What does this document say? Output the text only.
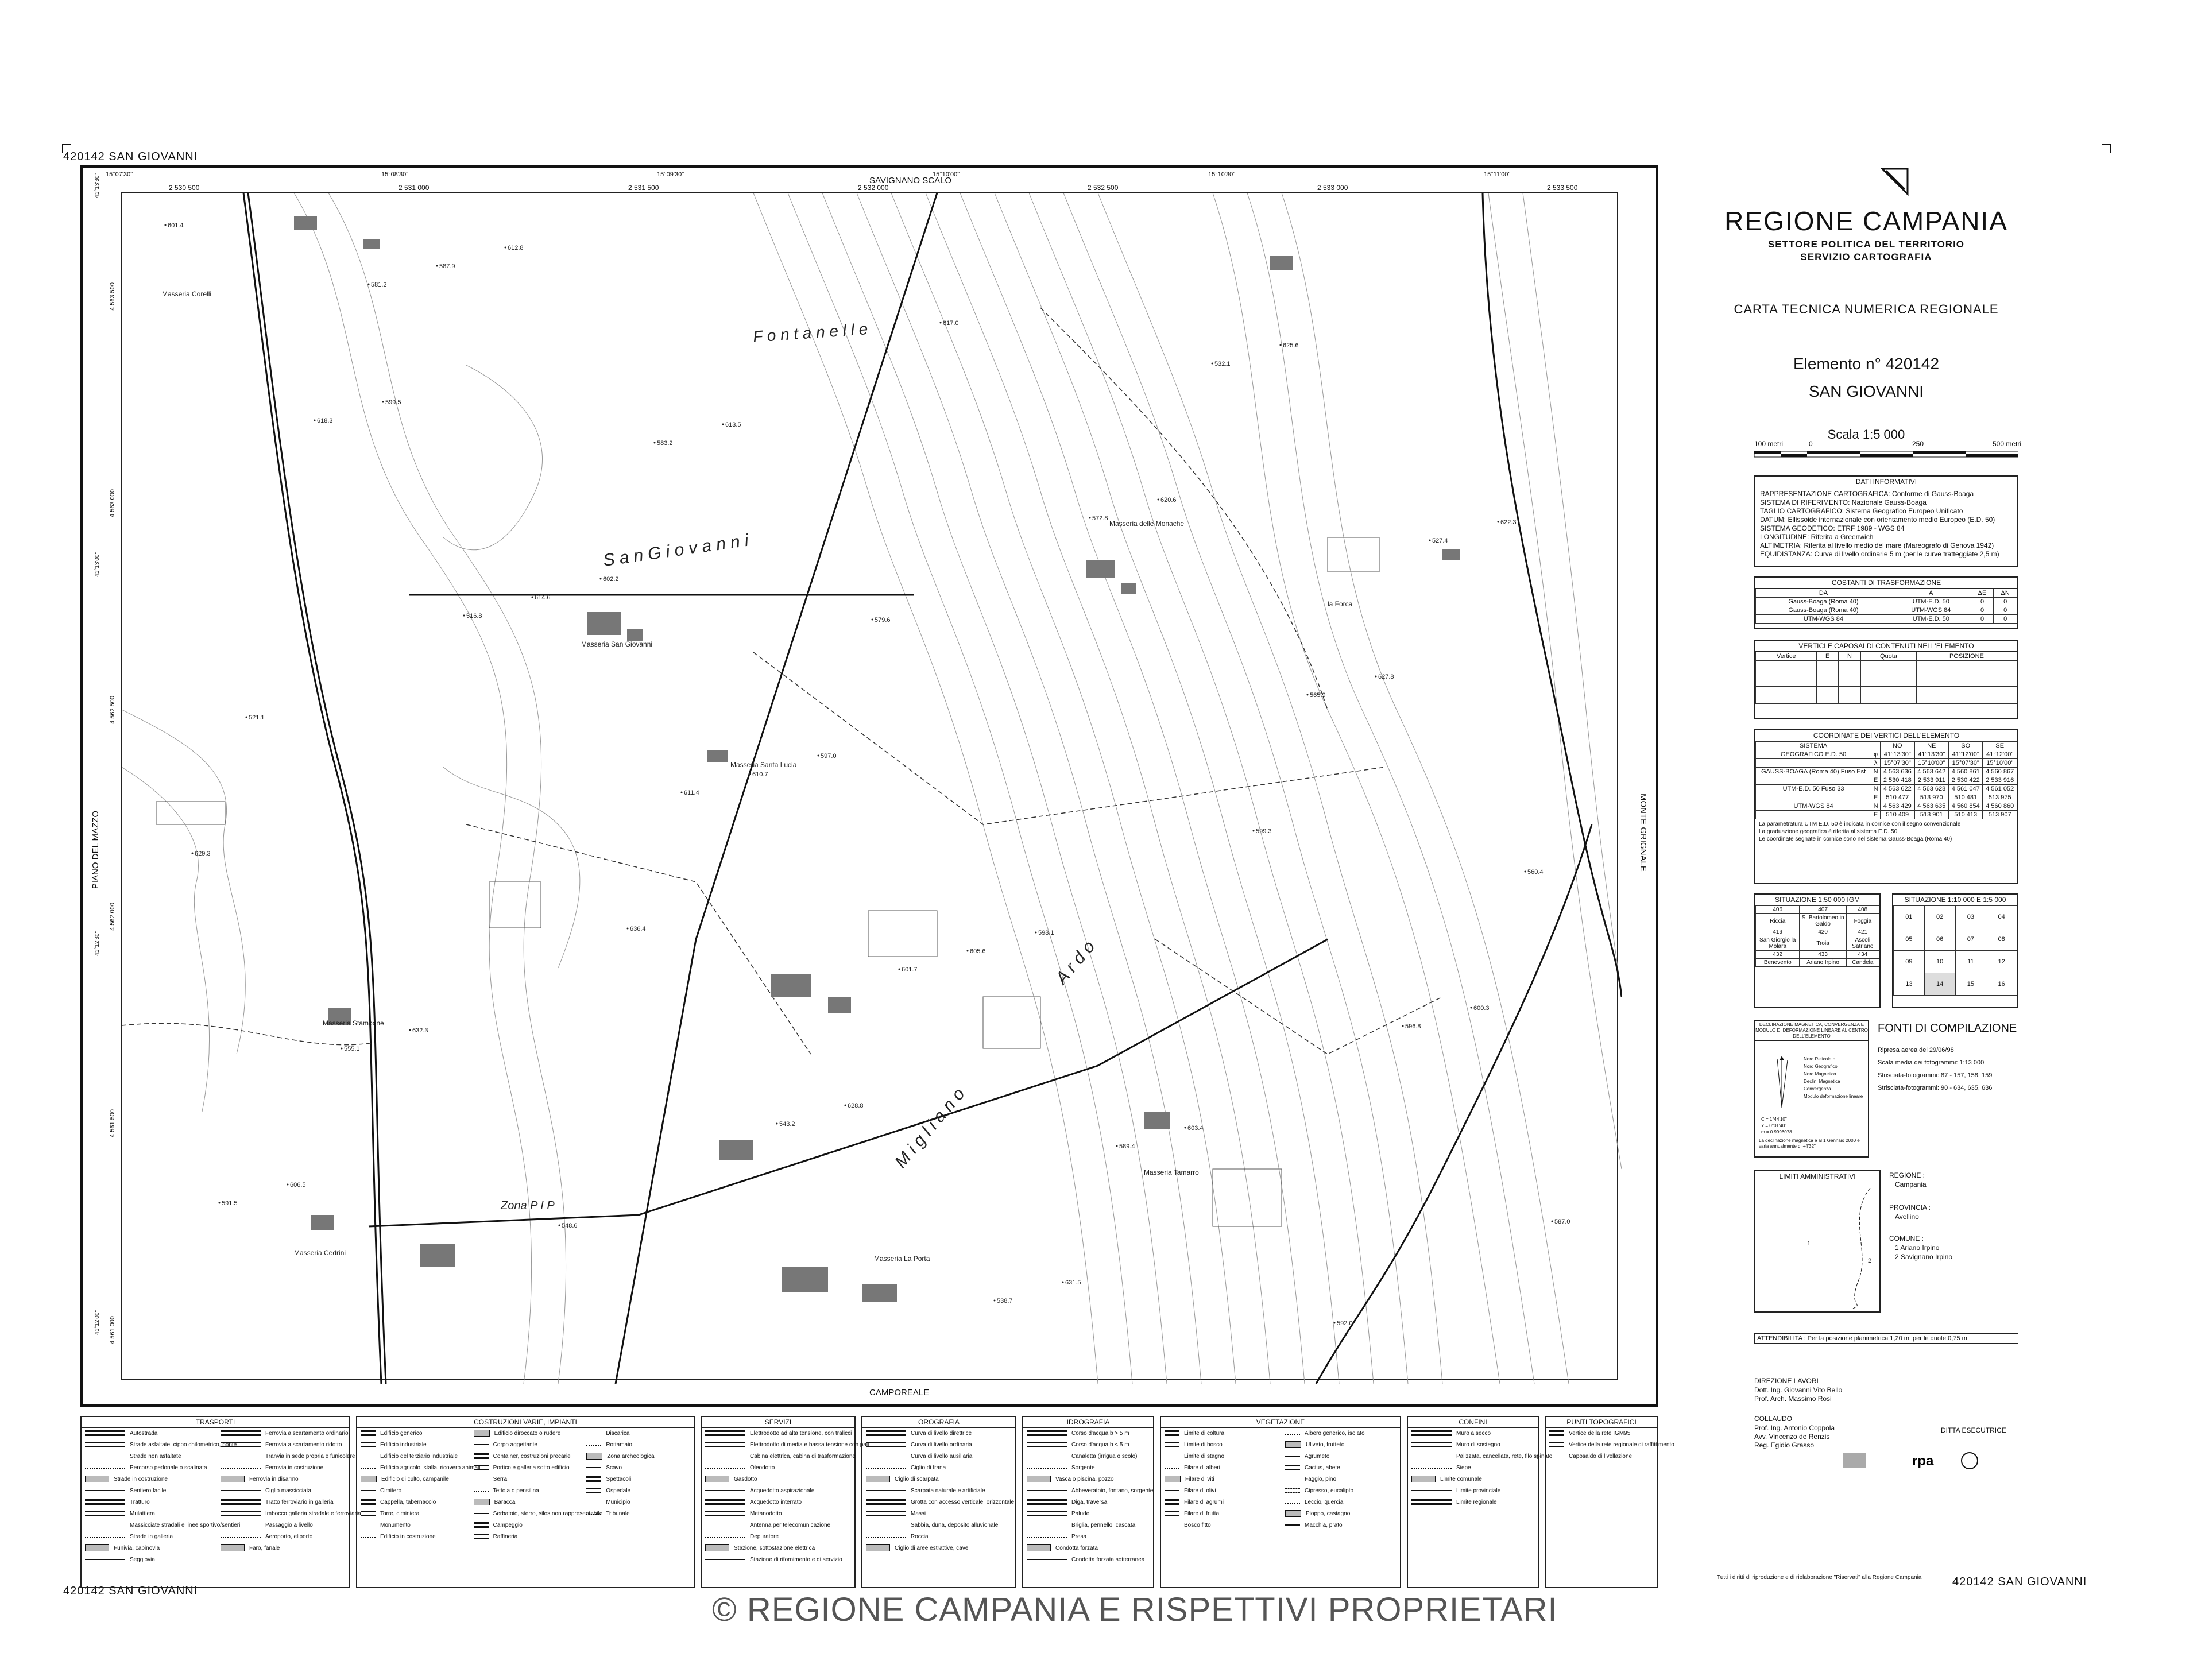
420142 SAN GIOVANNI
SAVIGNANO SCALO
CAMPOREALE
PIANO DEL MAZZO	MONTE GRIGNALE
2 530 500	2 531 000	2 531 500	2 532 000	2 532 500	2 533 000	2 533 500
15°07'30"	15°08'30"	15°09'30"	15°10'00"	15°10'30"	15°11'00"
4 563 500
4 563 000
4 562 500
4 562 000
4 561 500
4 561 000
41°13'30"
41°13'00"
41°12'30"
41°12'00"
601.4
599.5
602.2
597.0
598.1
599.3
600.3
606.5
612.8
613.5
617.0
620.6
627.8
629.3
632.3
636.4
628.8
631.5
625.6
622.3
618.3
614.6
610.7
605.6
603.4
596.8
591.5
587.9
583.2
579.6
572.8
565.9
560.4
555.1
548.6
543.2
538.7
532.1
527.4
521.1
516.8
611.4
601.7
589.4
592.0
587.0
581.2
F o n t a n e l l e
S a n G i o v a n n i
Masseria San Giovanni
Masseria Santa Lucia
Masseria delle Monache
Masseria Stambone
Masseria Tamarro
Masseria La Porta
Masseria Corelli
Masseria Cedrini
Zona P I P
M i g l i a n o
A r d o
la Forca
REGIONE CAMPANIA
SETTORE POLITICA DEL TERRITORIO
SERVIZIO CARTOGRAFIA
CARTA TECNICA NUMERICA REGIONALE
Elemento n° 420142
SAN GIOVANNI
Scala 1:5 000
100 metri	0	250	500 metri
DATI INFORMATIVI
RAPPRESENTAZIONE CARTOGRAFICA: Conforme di Gauss-Boaga
SISTEMA DI RIFERIMENTO: Nazionale Gauss-Boaga
TAGLIO CARTOGRAFICO: Sistema Geografico Europeo Unificato
DATUM: Ellissoide internazionale con orientamento medio Europeo (E.D. 50)
SISTEMA GEODETICO: ETRF 1989 - WGS 84
LONGITUDINE: Riferita a Greenwich
ALTIMETRIA: Riferita al livello medio del mare (Mareografo di Genova 1942)
EQUIDISTANZA: Curve di livello ordinarie 5 m (per le curve tratteggiate 2,5 m)
COSTANTI DI TRASFORMAZIONE
DA	A	ΔE	ΔN
Gauss-Boaga (Roma 40)	UTM-E.D. 50	0	0
Gauss-Boaga (Roma 40)	UTM-WGS 84	0	0
UTM-WGS 84	UTM-E.D. 50	0	0
VERTICI E CAPOSALDI CONTENUTI NELL'ELEMENTO
Vertice	E	N	Quota	POSIZIONE

COORDINATE DEI VERTICI DELL'ELEMENTO
SISTEMA		NO	NE	SO	SE
GEOGRAFICO E.D. 50	φ	41°13'30"	41°13'30"	41°12'00"	41°12'00"
	λ	15°07'30"	15°10'00"	15°07'30"	15°10'00"
GAUSS-BOAGA (Roma 40) Fuso Est	N	4 563 636	4 563 642	4 560 861	4 560 867
	E	2 530 418	2 533 911	2 530 422	2 533 916
UTM-E.D. 50 Fuso 33	N	4 563 622	4 563 628	4 561 047	4 561 052
	E	510 477	513 970	510 481	513 975
UTM-WGS 84	N	4 563 429	4 563 635	4 560 854	4 560 860
	E	510 409	513 901	510 413	513 907
La parametratura UTM E.D. 50 è indicata in cornice con il segno convenzionale
La graduazione geografica è riferita al sistema E.D. 50
Le coordinate segnate in cornice sono nel sistema Gauss-Boaga (Roma 40)
SITUAZIONE 1:50 000 IGM
406	407	408
Riccia	S. Bartolomeo in Galdo	Foggia
419	420	421
San Giorgio la Molara	Troia	Ascoli Satriano
432	433	434
Benevento	Ariano Irpino	Candela
SITUAZIONE 1:10 000 E 1:5 000
01	02	03	04
05	06	07	08
09	10	11	12
13	14	15	16
DECLINAZIONE MAGNETICA, CONVERGENZA E MODULO DI DEFORMAZIONE LINEARE AL CENTRO DELL'ELEMENTO
Nord Reticolato
Nord Geografico
Nord Magnetico
Declin. Magnetica
Convergenza
Modulo deformazione lineare
C = 1°44'10"
Y = 0°01'40"
m = 0.9996078
La declinazione magnetica è al 1 Gennaio 2000 e varia annualmente di +4'32"
FONTI DI COMPILAZIONE
Ripresa aerea del 29/06/98
Scala media dei fotogrammi: 1:13 000
Strisciata-fotogrammi: 87 - 157, 158, 159
Strisciata-fotogrammi: 90 - 634, 635, 636
LIMITI AMMINISTRATIVI
1
2
REGIONE :
Campania
PROVINCIA :
Avellino
COMUNE :
1 Ariano Irpino
2 Savignano Irpino
ATTENDIBILITA : Per la posizione planimetrica 1,20 m; per le quote 0,75 m
DIREZIONE LAVORI
Dott. Ing. Giovanni Vito Bello
Prof. Arch. Massimo Rosi
COLLAUDO
Prof. Ing. Antonio Coppola
Avv. Vincenzo de Renzis
Reg. Egidio Grasso
DITTA ESECUTRICE
rpa
Tutti i diritti di riproduzione e di rielaborazione "Riservati" alla Regione Campania	420142 SAN GIOVANNI
420142 SAN GIOVANNI
TRASPORTI
Autostrada
Strade asfaltate, cippo chilometrico, ponte
Strade non asfaltate
Percorso pedonale o scalinata
Strade in costruzione
Sentiero facile
Tratturo
Mulattiera
Massicciate stradali e linee sportivo/sentieri
Strade in galleria
Funivia, cabinovia
Seggiovia
Ferrovia a scartamento ordinario
Ferrovia a scartamento ridotto
Tranvia in sede propria e funicolare
Ferrovia in costruzione
Ferrovia in disarmo
Ciglio massicciata
Tratto ferroviario in galleria
Imbocco galleria stradale e ferroviaria
Passaggio a livello
Aeroporto, eliporto
Faro, fanale
COSTRUZIONI VARIE, IMPIANTI
Edificio generico
Edificio industriale
Edificio del terziario industriale
Edificio agricolo, stalla, ricovero animali
Edificio di culto, campanile
Cimitero
Cappella, tabernacolo
Torre, ciminiera
Monumento
Edificio in costruzione
Edificio diroccato o rudere
Corpo aggettante
Container, costruzioni precarie
Portico e galleria sotto edificio
Serra
Tettoia o pensilina
Baracca
Serbatoio, sterro, silos non rappresentabile
Campeggio
Raffineria
Discarica
Rottamaio
Zona archeologica
Scavo
Spettacoli
Ospedale
Municipio
Tribunale
SERVIZI
Elettrodotto ad alta tensione, con tralicci
Elettrodotto di media e bassa tensione con pali
Cabina elettrica, cabina di trasformazione
Oleodotto
Gasdotto
Acquedotto aspirazionale
Acquedotto interrato
Metanodotto
Antenna per telecomunicazione
Depuratore
Stazione, sottostazione elettrica
Stazione di rifornimento e di servizio
OROGRAFIA
Curva di livello direttrice
Curva di livello ordinaria
Curva di livello ausiliaria
Ciglio di frana
Ciglio di scarpata
Scarpata naturale e artificiale
Grotta con accesso verticale, orizzontale
Massi
Sabbia, duna, deposito alluvionale
Roccia
Ciglio di aree estrattive, cave
IDROGRAFIA
Corso d'acqua b > 5 m
Corso d'acqua b < 5 m
Canaletta (irrigua o scolo)
Sorgente
Vasca o piscina, pozzo
Abbeveratoio, fontano, sorgente
Diga, traversa
Palude
Briglia, pennello, cascata
Presa
Condotta forzata
Condotta forzata sotterranea
VEGETAZIONE
Limite di coltura
Limite di bosco
Limite di stagno
Filare di alberi
Filare di viti
Filare di olivi
Filare di agrumi
Filare di frutta
Bosco fitto
Albero generico, isolato
Uliveto, frutteto
Agrumeto
Cactus, abete
Faggio, pino
Cipresso, eucalipto
Leccio, quercia
Pioppo, castagno
Macchia, prato
CONFINI
Muro a secco
Muro di sostegno
Palizzata, cancellata, rete, filo spinato
Siepe
Limite comunale
Limite provinciale
Limite regionale
PUNTI TOPOGRAFICI
Vertice della rete IGM95
Vertice della rete regionale di raffittimento
Caposaldo di livellazione
© REGIONE CAMPANIA E RISPETTIVI PROPRIETARI
